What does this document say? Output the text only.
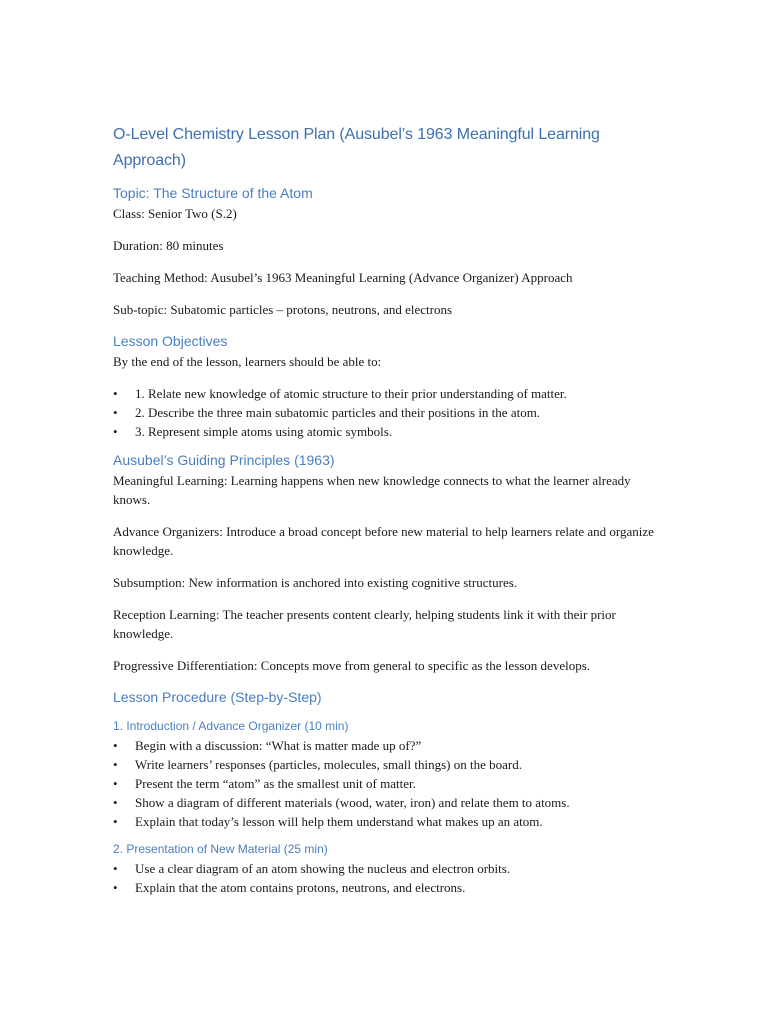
O-Level Chemistry Lesson Plan (Ausubel’s 1963 Meaningful Learning Approach)
Topic: The Structure of the Atom

Class: Senior Two (S.2)

Duration: 80 minutes

Teaching Method: Ausubel’s 1963 Meaningful Learning (Advance Organizer) Approach

Sub-topic: Subatomic particles – protons, neutrons, and electrons

Lesson Objectives

By the end of the lesson, learners should be able to:

• 1. Relate new knowledge of atomic structure to their prior understanding of matter.
• 2. Describe the three main subatomic particles and their positions in the atom.
• 3. Represent simple atoms using atomic symbols.
Ausubel’s Guiding Principles (1963)

Meaningful Learning: Learning happens when new knowledge connects to what the learner already knows.

Advance Organizers: Introduce a broad concept before new material to help learners relate and organize knowledge.

Subsumption: New information is anchored into existing cognitive structures.

Reception Learning: The teacher presents content clearly, helping students link it with their prior knowledge.

Progressive Differentiation: Concepts move from general to specific as the lesson develops.

Lesson Procedure (Step-by-Step)
1. Introduction / Advance Organizer (10 min)
• Begin with a discussion: “What is matter made up of?”
• Write learners’ responses (particles, molecules, small things) on the board.
• Present the term “atom” as the smallest unit of matter.
• Show a diagram of different materials (wood, water, iron) and relate them to atoms.
• Explain that today’s lesson will help them understand what makes up an atom.
2. Presentation of New Material (25 min)
• Use a clear diagram of an atom showing the nucleus and electron orbits.
• Explain that the atom contains protons, neutrons, and electrons.
